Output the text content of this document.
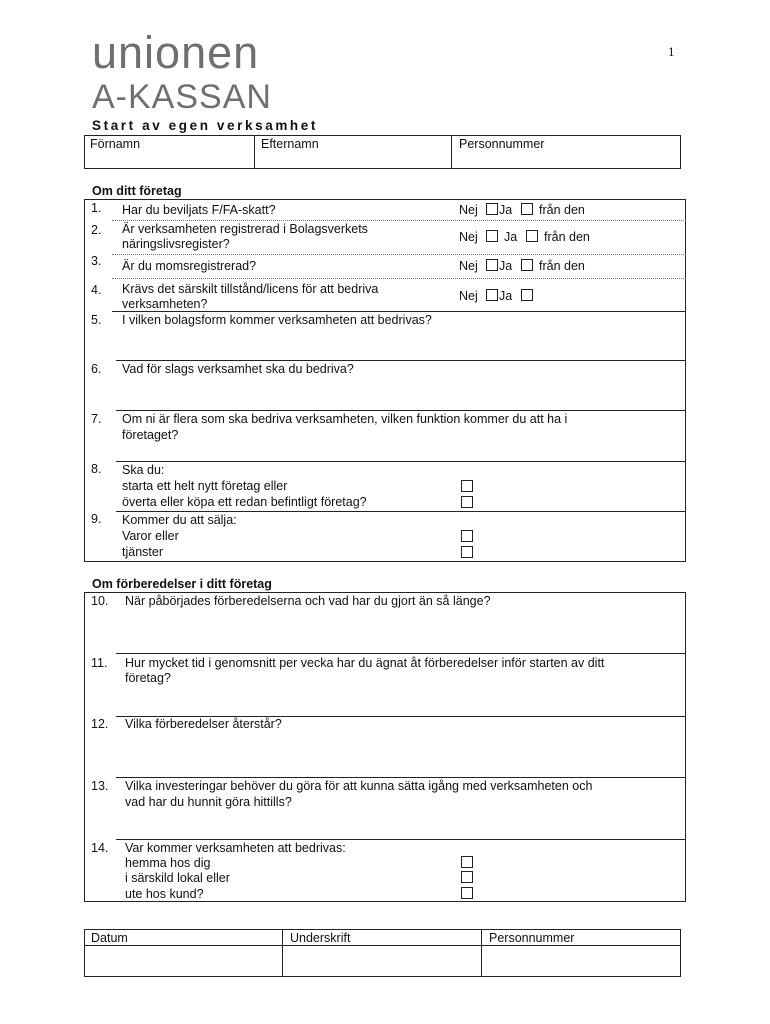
1
unionen
A-KASSAN
Start av egen verksamhet
Förnamn	Efternamn	Personnummer
Om ditt företag
1. Har du beviljats F/FA-skatt?	Nej Ja från den
2. Är verksamheten registrerad i Bolagsverkets
näringslivsregister?	Nej Ja från den
3. Är du momsregistrerad?	Nej Ja från den
4. Krävs det särskilt tillstånd/licens för att bedriva
verksamheten?
Nej Ja
5. I vilken bolagsform kommer verksamheten att bedrivas?
6. Vad för slags verksamhet ska du bedriva?
7. Om ni är flera som ska bedriva verksamheten, vilken funktion kommer du att ha i
företaget?
8. Ska du:
starta ett helt nytt företag eller
överta eller köpa ett redan befintligt företag?
9. Kommer du att sälja:
Varor eller
tjänster
Om förberedelser i ditt företag
10. När påbörjades förberedelserna och vad har du gjort än så länge?
11. Hur mycket tid i genomsnitt per vecka har du ägnat åt förberedelser inför starten av ditt
företag?
12. Vilka förberedelser återstår?
13. Vilka investeringar behöver du göra för att kunna sätta igång med verksamheten och
vad har du hunnit göra hittills?
14. Var kommer verksamheten att bedrivas:
hemma hos dig
i särskild lokal eller
ute hos kund?
Datum	Underskrift	Personnummer
